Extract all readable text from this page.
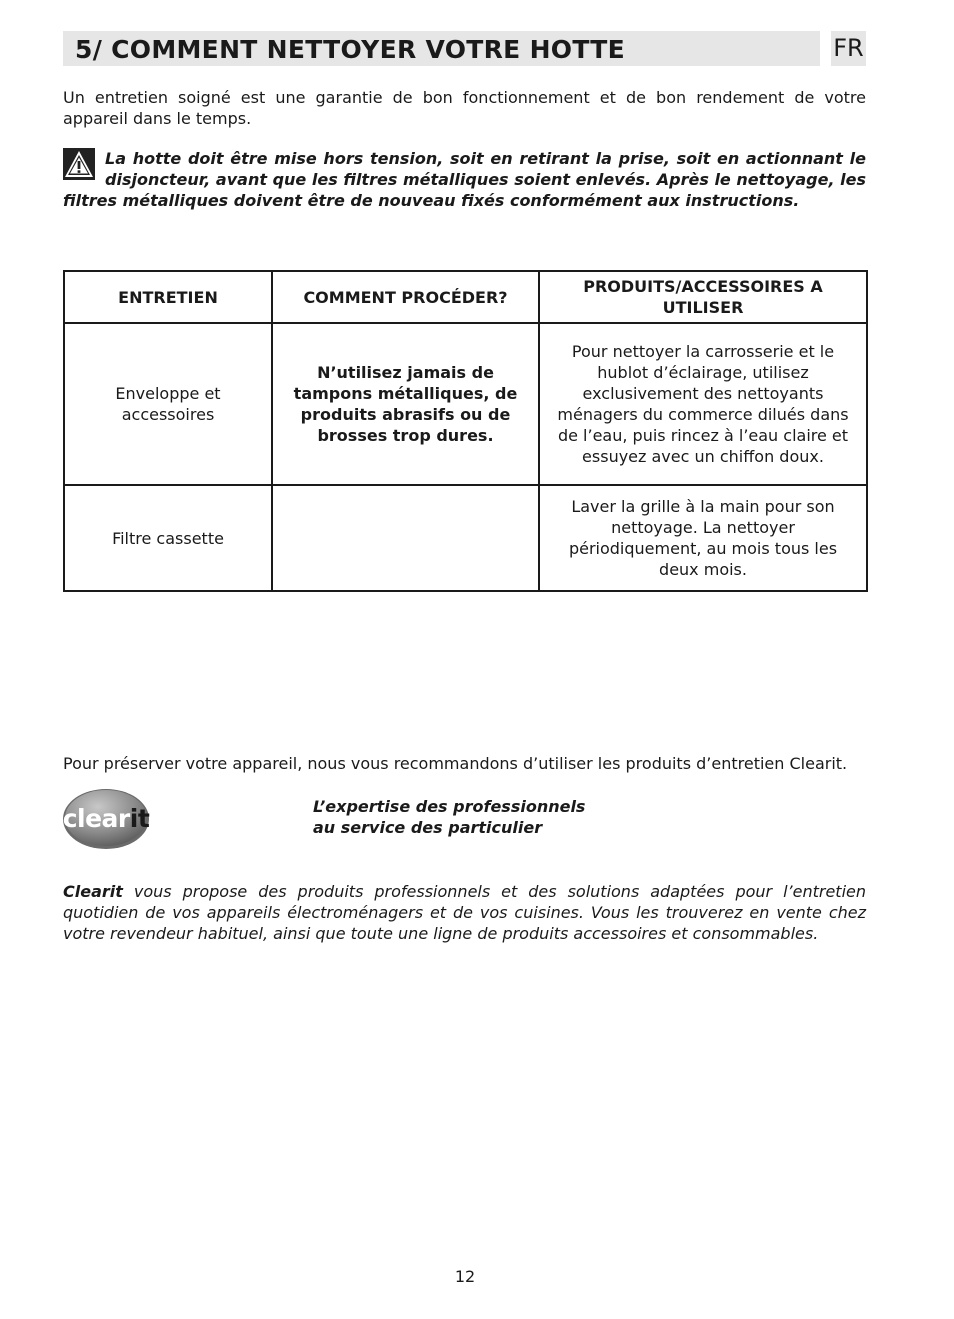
5/ COMMENT NETTOYER VOTRE HOTTE	FR
Un entretien soigné est une garantie de bon fonctionnement et de bon rendement de votre appareil dans le temps.
La hotte doit être mise hors tension, soit en retirant la prise, soit en actionnant le disjoncteur, avant que les filtres métalliques soient enlevés. Après le nettoyage, les filtres métalliques doivent être de nouveau fixés conformément aux instructions.
ENTRETIEN	COMMENT PROCÉDER?	PRODUITS/ACCESSOIRES A UTILISER
Enveloppe et accessoires	N’utilisez jamais de tampons métalliques, de produits abrasifs ou de brosses trop dures.	Pour nettoyer la carrosserie et le hublot d’éclairage, utilisez exclusivement des nettoyants ménagers du commerce dilués dans de l’eau, puis rincez à l’eau claire et essuyez avec un chiffon doux.
Filtre cassette		Laver la grille à la main pour son nettoyage. La nettoyer périodiquement, au mois tous les deux mois.
Pour préserver votre appareil, nous vous recommandons d’utiliser les produits d’entretien Clearit.
clearit	L’expertise des professionnels
au service des particulier
Clearit vous propose des produits professionnels et des solutions adaptées pour l’entretien quotidien de vos appareils électroménagers et de vos cuisines. Vous les trouverez en vente chez votre revendeur habituel, ainsi que toute une ligne de produits accessoires et consommables.
12
